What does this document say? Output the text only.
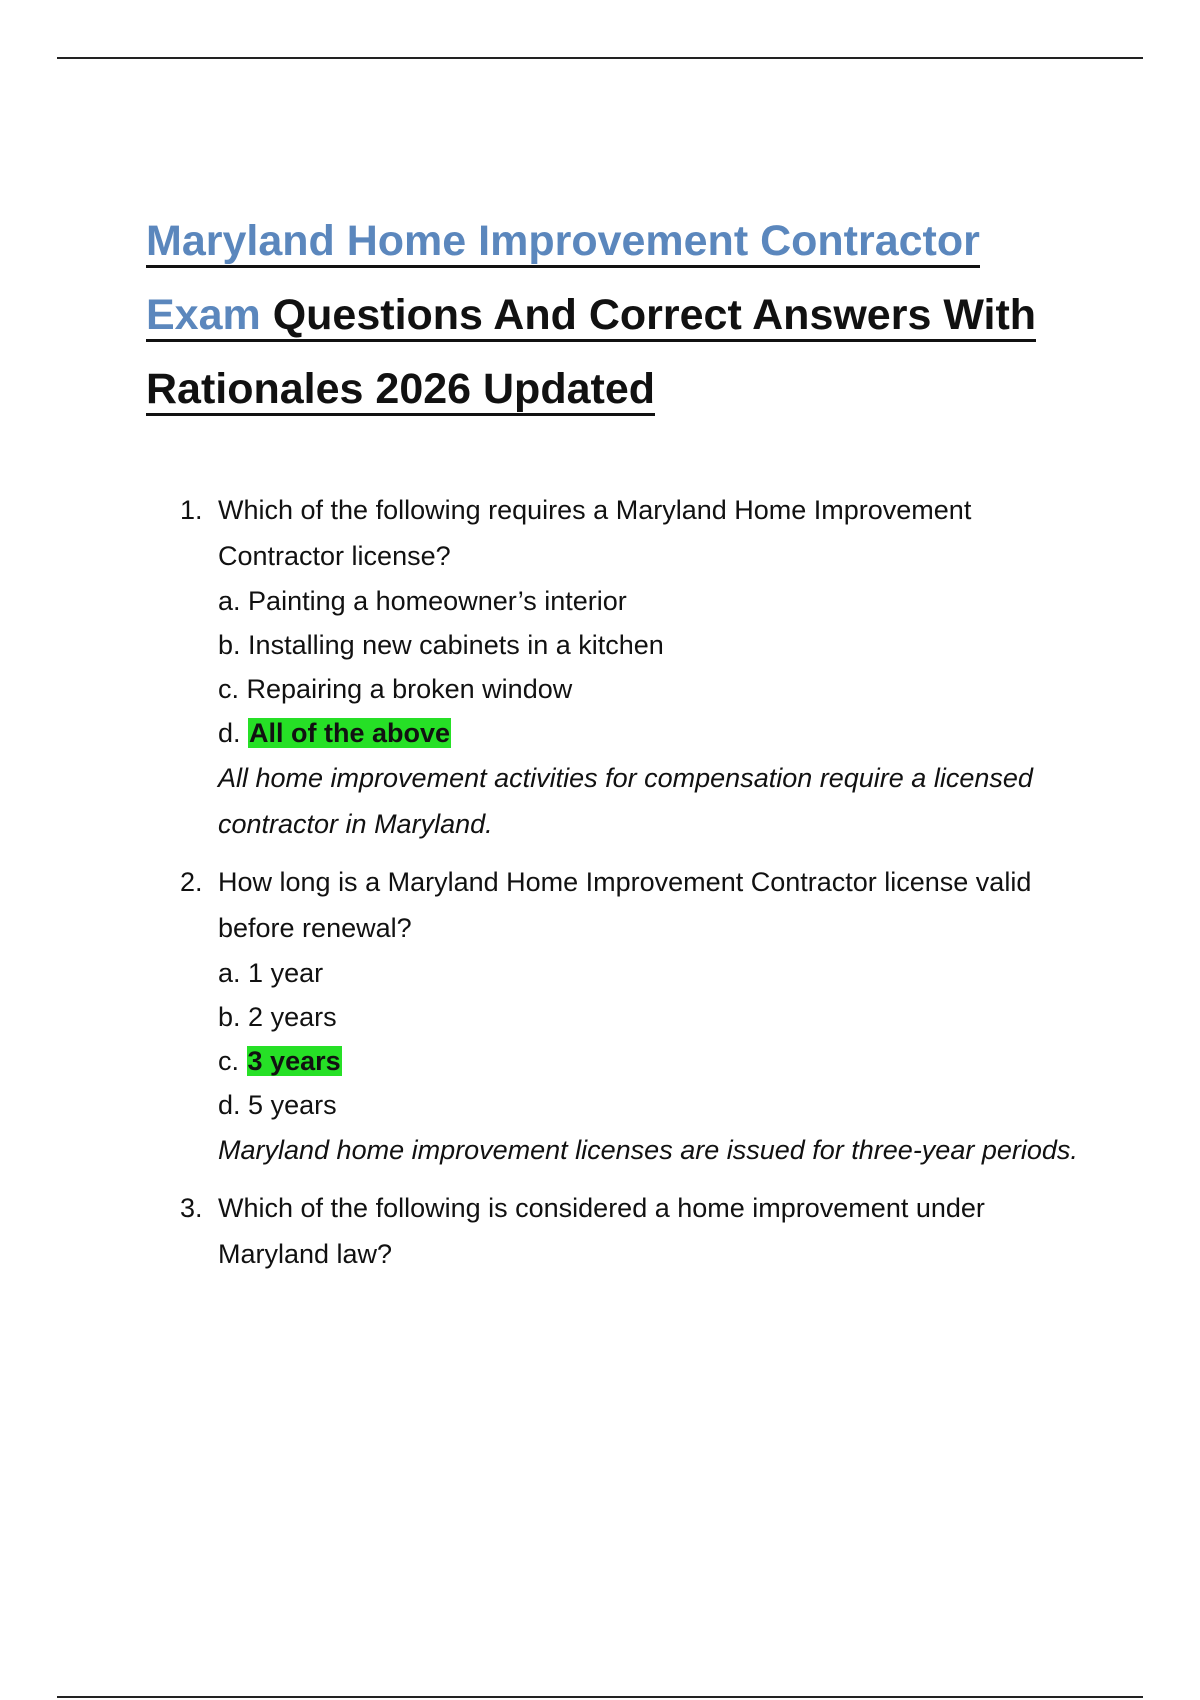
Maryland Home Improvement Contractor
Exam Questions And Correct Answers With
Rationales 2026 Updated
1. Which of the following requires a Maryland Home Improvement Contractor license?
a. Painting a homeowner’s interior
b. Installing new cabinets in a kitchen
c. Repairing a broken window
d. All of the above
All home improvement activities for compensation require a licensed contractor in Maryland.
2. How long is a Maryland Home Improvement Contractor license valid before renewal?
a. 1 year
b. 2 years
c. 3 years
d. 5 years
Maryland home improvement licenses are issued for three-year periods.
3. Which of the following is considered a home improvement under Maryland law?
